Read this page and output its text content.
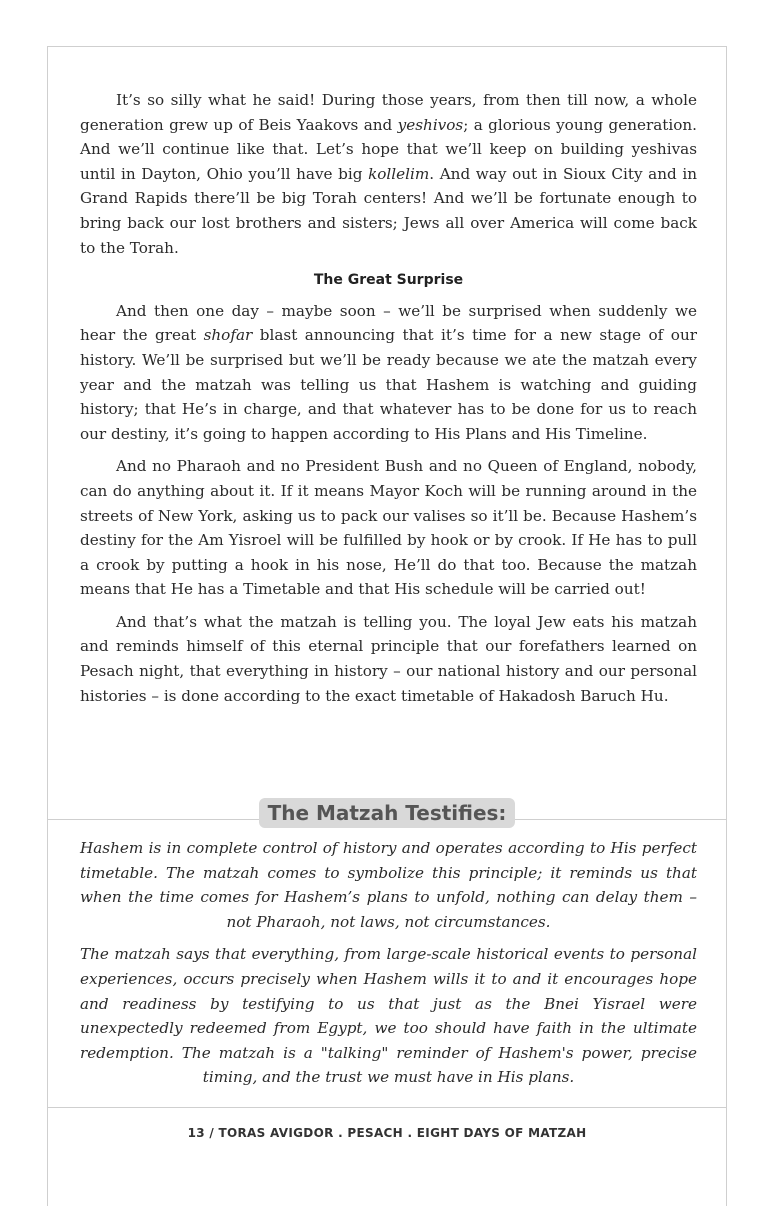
It’s so silly what he said! During those years, from then till now, a whole generation grew up of Beis Yaakovs and yeshivos; a glorious young generation. And we’ll continue like that. Let’s hope that we’ll keep on building yeshivas until in Dayton, Ohio you’ll have big kollelim. And way out in Sioux City and in Grand Rapids there’ll be big Torah centers! And we’ll be fortunate enough to bring back our lost brothers and sisters; Jews all over America will come back to the Torah.

The Great Surprise

And then one day – maybe soon – we’ll be surprised when suddenly we hear the great shofar blast announcing that it’s time for a new stage of our history. We’ll be surprised but we’ll be ready because we ate the matzah every year and the matzah was telling us that Hashem is watching and guiding history; that He’s in charge, and that whatever has to be done for us to reach our destiny, it’s going to happen according to His Plans and His Timeline.

And no Pharaoh and no President Bush and no Queen of England, nobody, can do anything about it. If it means Mayor Koch will be running around in the streets of New York, asking us to pack our valises so it’ll be. Because Hashem’s destiny for the Am Yisroel will be fulfilled by hook or by crook. If He has to pull a crook by putting a hook in his nose, He’ll do that too. Because the matzah means that He has a Timetable and that His schedule will be carried out!

And that’s what the matzah is telling you. The loyal Jew eats his matzah and reminds himself of this eternal principle that our forefathers learned on Pesach night, that everything in history – our national history and our personal histories – is done according to the exact timetable of Hakadosh Baruch Hu.

The Matzah Testifies:

Hashem is in complete control of history and operates according to His perfect timetable. The matzah comes to symbolize this principle; it reminds us that when the time comes for Hashem’s plans to unfold, nothing can delay them – not Pharaoh, not laws, not circumstances.

The matzah says that everything, from large-scale historical events to personal experiences, occurs precisely when Hashem wills it to and it encourages hope and readiness by testifying to us that just as the Bnei Yisrael were unexpectedly redeemed from Egypt, we too should have faith in the ultimate redemption. The matzah is a "talking" reminder of Hashem's power, precise timing, and the trust we must have in His plans.

13 / TORAS AVIGDOR . PESACH . EIGHT DAYS OF MATZAH
